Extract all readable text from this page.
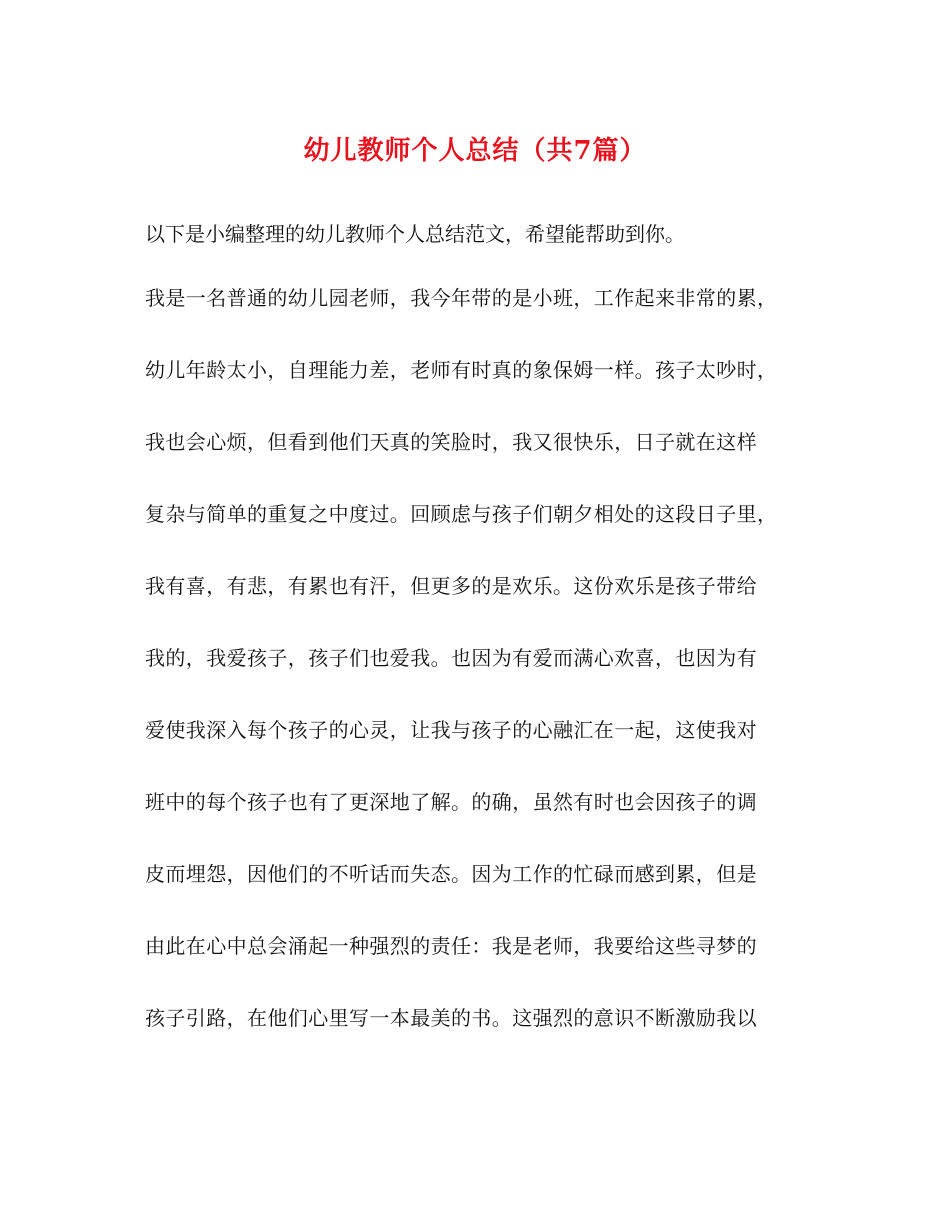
幼儿教师个人总结（共7篇）
以下是小编整理的幼儿教师个人总结范文，希望能帮助到你。
我是一名普通的幼儿园老师，我今年带的是小班，工作起来非常的累，
幼儿年龄太小，自理能力差，老师有时真的象保姆一样。孩子太吵时，
我也会心烦，但看到他们天真的笑脸时，我又很快乐，日子就在这样
复杂与简单的重复之中度过。回顾虑与孩子们朝夕相处的这段日子里，
我有喜，有悲，有累也有汗，但更多的是欢乐。这份欢乐是孩子带给
我的，我爱孩子，孩子们也爱我。也因为有爱而满心欢喜，也因为有
爱使我深入每个孩子的心灵，让我与孩子的心融汇在一起，这使我对
班中的每个孩子也有了更深地了解。的确，虽然有时也会因孩子的调
皮而埋怨，因他们的不听话而失态。因为工作的忙碌而感到累，但是
由此在心中总会涌起一种强烈的责任：我是老师，我要给这些寻梦的
孩子引路，在他们心里写一本最美的书。这强烈的意识不断激励我以
